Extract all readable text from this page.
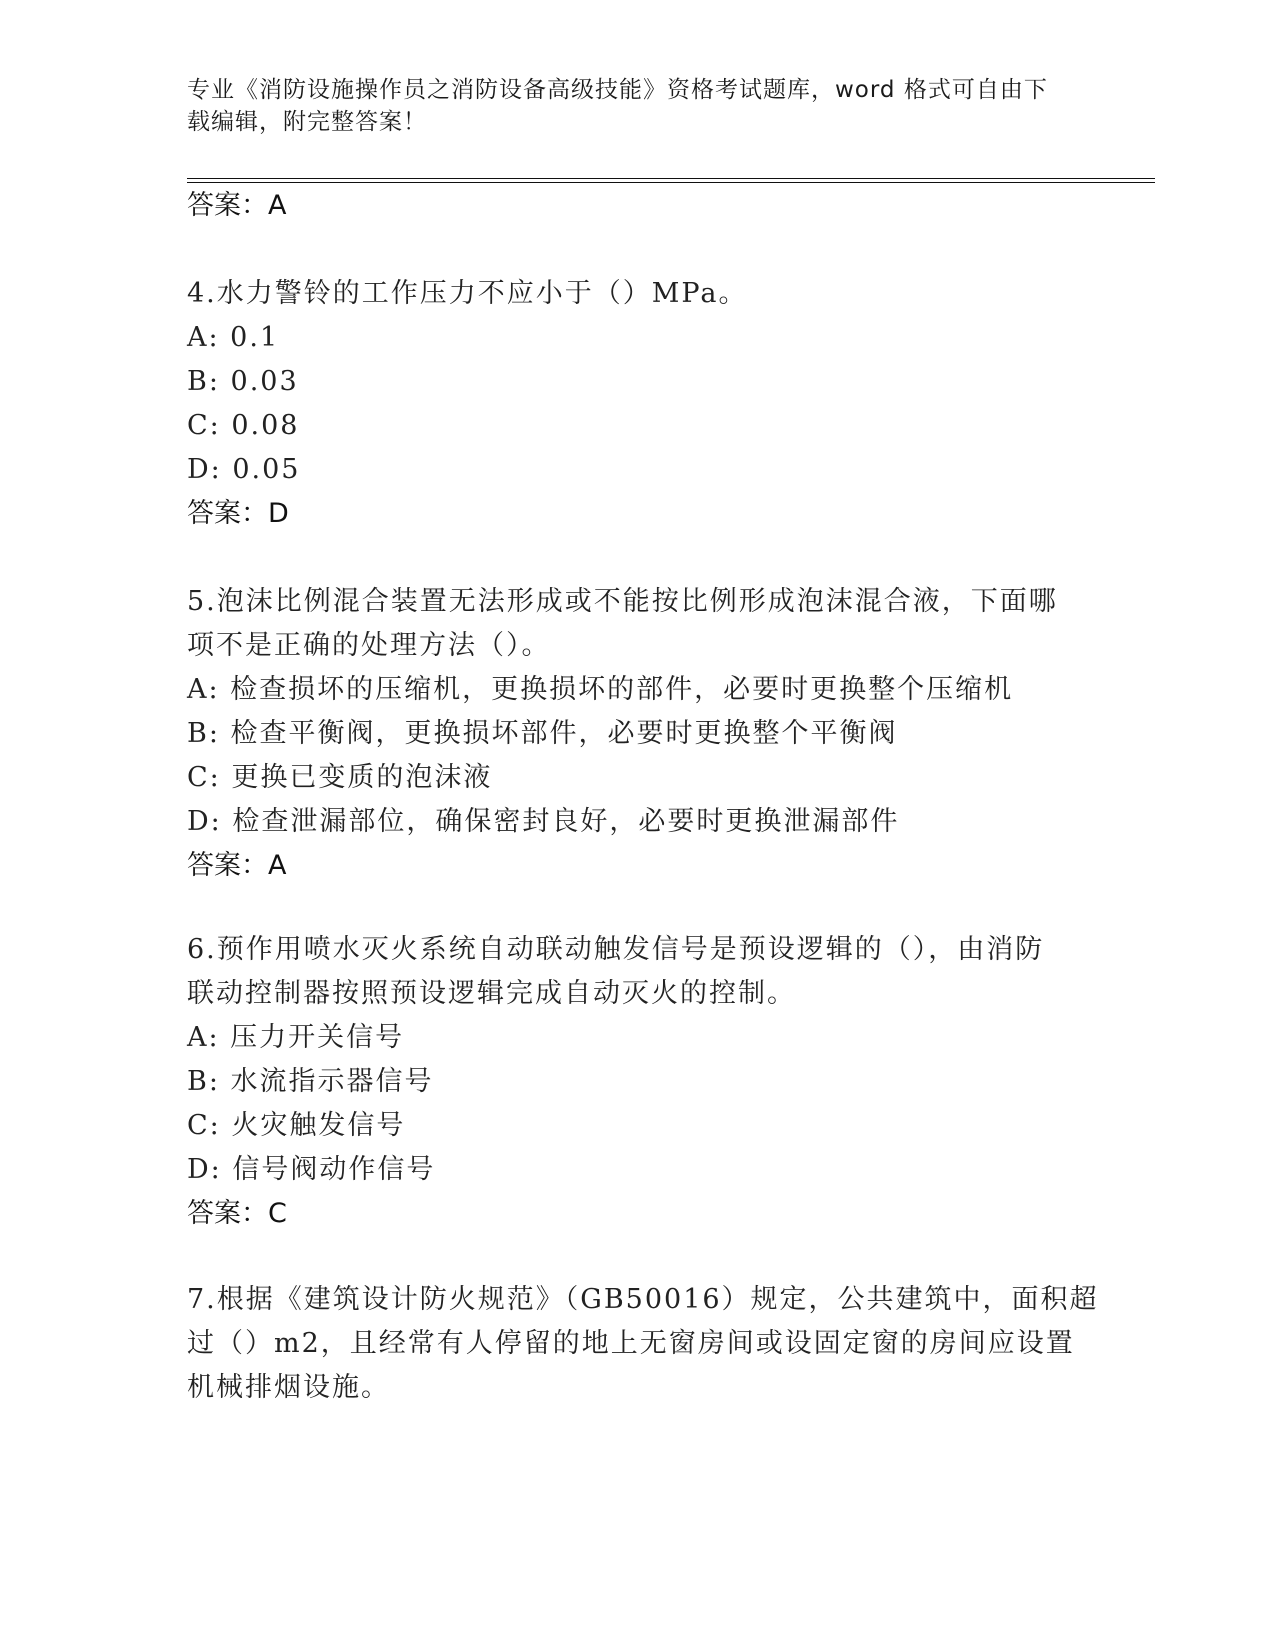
专业《消防设施操作员之消防设备高级技能》资格考试题库，word 格式可自由下
载编辑，附完整答案！
答案：A
4.水力警铃的工作压力不应小于（）MPa。
A: 0.1
B: 0.03
C: 0.08
D: 0.05
答案：D
5.泡沫比例混合装置无法形成或不能按比例形成泡沫混合液，下面哪
项不是正确的处理方法（）。
A: 检查损坏的压缩机，更换损坏的部件，必要时更换整个压缩机
B: 检查平衡阀，更换损坏部件，必要时更换整个平衡阀
C: 更换已变质的泡沫液
D: 检查泄漏部位，确保密封良好，必要时更换泄漏部件
答案：A
6.预作用喷水灭火系统自动联动触发信号是预设逻辑的（），由消防
联动控制器按照预设逻辑完成自动灭火的控制。
A: 压力开关信号
B: 水流指示器信号
C: 火灾触发信号
D: 信号阀动作信号
答案：C
7.根据《建筑设计防火规范》（GB50016）规定，公共建筑中，面积超
过（）m2，且经常有人停留的地上无窗房间或设固定窗的房间应设置
机械排烟设施。
